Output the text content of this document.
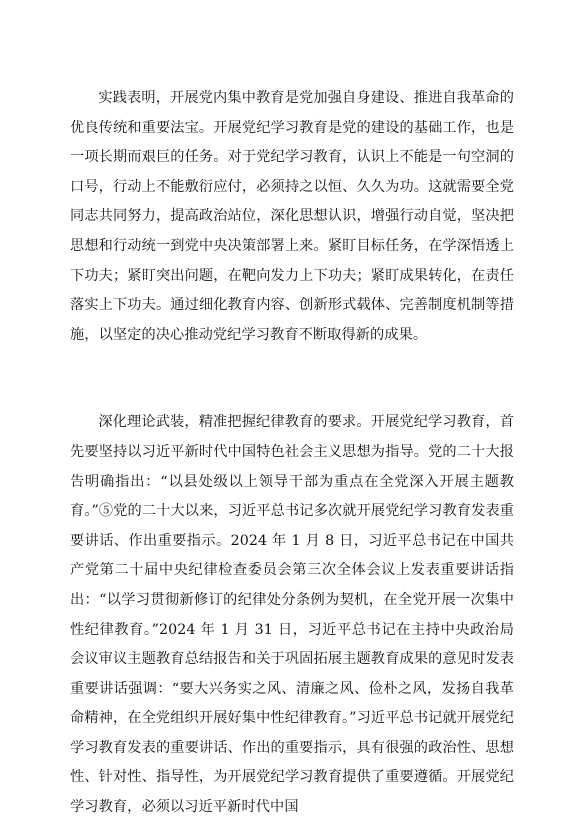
实践表明，开展党内集中教育是党加强自身建设、推进自我革命的优良传统和重要法宝。开展党纪学习教育是党的建设的基础工作，也是一项长期而艰巨的任务。对于党纪学习教育，认识上不能是一句空洞的口号，行动上不能敷衍应付，必须持之以恒、久久为功。这就需要全党同志共同努力，提高政治站位，深化思想认识，增强行动自觉，坚决把思想和行动统一到党中央决策部署上来。紧盯目标任务，在学深悟透上下功夫；紧盯突出问题，在靶向发力上下功夫；紧盯成果转化，在责任落实上下功夫。通过细化教育内容、创新形式载体、完善制度机制等措施，以坚定的决心推动党纪学习教育不断取得新的成果。

深化理论武装，精准把握纪律教育的要求。开展党纪学习教育，首先要坚持以习近平新时代中国特色社会主义思想为指导。党的二十大报告明确指出：“以县处级以上领导干部为重点在全党深入开展主题教育。”⑤党的二十大以来，习近平总书记多次就开展党纪学习教育发表重要讲话、作出重要指示。2024 年 1 月 8 日，习近平总书记在中国共产党第二十届中央纪律检查委员会第三次全体会议上发表重要讲话指出：“以学习贯彻新修订的纪律处分条例为契机，在全党开展一次集中性纪律教育。”2024 年 1 月 31 日，习近平总书记在主持中央政治局会议审议主题教育总结报告和关于巩固拓展主题教育成果的意见时发表重要讲话强调：“要大兴务实之风、清廉之风、俭朴之风，发扬自我革命精神，在全党组织开展好集中性纪律教育。”习近平总书记就开展党纪学习教育发表的重要讲话、作出的重要指示，具有很强的政治性、思想性、针对性、指导性，为开展党纪学习教育提供了重要遵循。开展党纪学习教育，必须以习近平新时代中国
